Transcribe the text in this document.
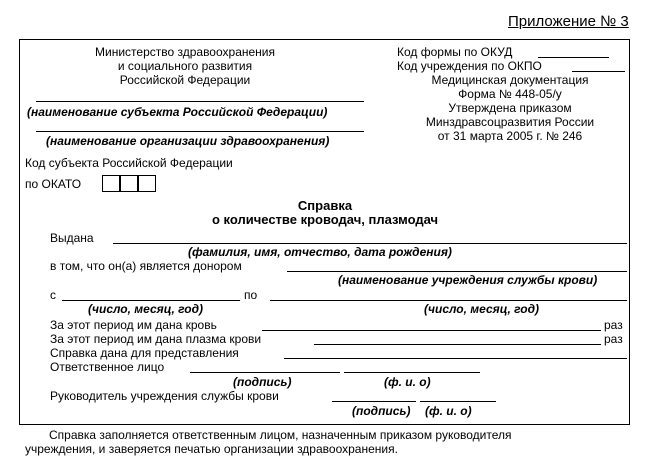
Приложение № 3
Министерство здравоохранения
и социального развития
Российской Федерации
Код формы по ОКУД
Код учреждения по ОКПО
Медицинская документация
Форма № 448-05/у
Утверждена приказом
Минздравсоцразвития России
от 31 марта 2005 г. № 246
(наименование субъекта Российской Федерации)
(наименование организации здравоохранения)
Код субъекта Российской Федерации
по ОКАТО
Справка
о количестве кроводач, плазмодач
Выдана
(фамилия, имя, отчество, дата рождения)
в том, что он(а) является донором
(наименование учреждения службы крови)
с	по
(число, месяц, год)	(число, месяц, год)
За этот период им дана кровь	раз
За этот период им дана плазма крови	раз
Справка дана для представления
Ответственное лицо
(подпись)	(ф. и. о)
Руководитель учреждения службы крови
(подпись) (ф. и. о)
Справка заполняется ответственным лицом, назначенным приказом руководителя
учреждения, и заверяется печатью организации здравоохранения.
